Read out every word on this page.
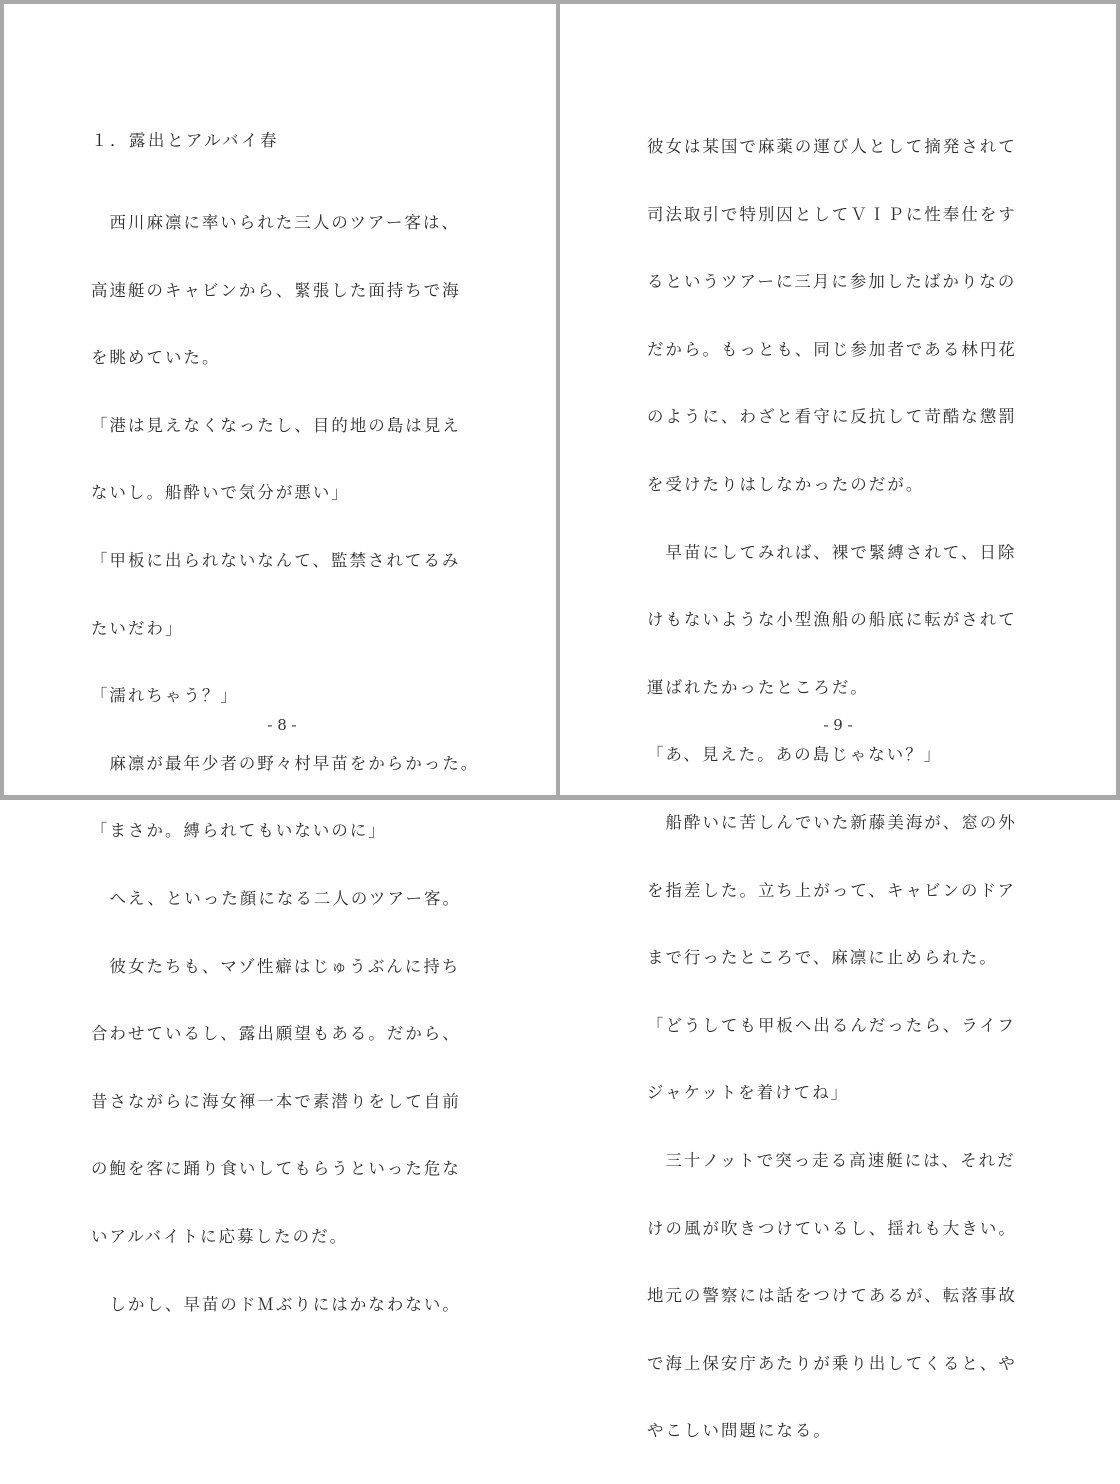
１．露出とアルバイ春

　西川麻凛に率いられた三人のツアー客は、

高速艇のキャビンから、緊張した面持ちで海

を眺めていた。

「港は見えなくなったし、目的地の島は見え

ないし。船酔いで気分が悪い」

「甲板に出られないなんて、監禁されてるみ

たいだわ」

「濡れちゃう？」

　麻凛が最年少者の野々村早苗をからかった。

「まさか。縛られてもいないのに」

　へえ、といった顔になる二人のツアー客。

　彼女たちも、マゾ性癖はじゅうぶんに持ち

合わせているし、露出願望もある。だから、

昔さながらに海女褌一本で素潜りをして自前

の鮑を客に踊り食いしてもらうといった危な

いアルバイトに応募したのだ。

　しかし、早苗のドＭぶりにはかなわない。

- 8 -

彼女は某国で麻薬の運び人として摘発されて

司法取引で特別囚としてＶＩＰに性奉仕をす

るというツアーに三月に参加したばかりなの

だから。もっとも、同じ参加者である林円花

のように、わざと看守に反抗して苛酷な懲罰

を受けたりはしなかったのだが。

　早苗にしてみれば、裸で緊縛されて、日除

けもないような小型漁船の船底に転がされて

運ばれたかったところだ。

「あ、見えた。あの島じゃない？」

　船酔いに苦しんでいた新藤美海が、窓の外

を指差した。立ち上がって、キャビンのドア

まで行ったところで、麻凛に止められた。

「どうしても甲板へ出るんだったら、ライフ

ジャケットを着けてね」

　三十ノットで突っ走る高速艇には、それだ

けの風が吹きつけているし、揺れも大きい。

地元の警察には話をつけてあるが、転落事故

で海上保安庁あたりが乗り出してくると、や

やこしい問題になる。

- 9 -
